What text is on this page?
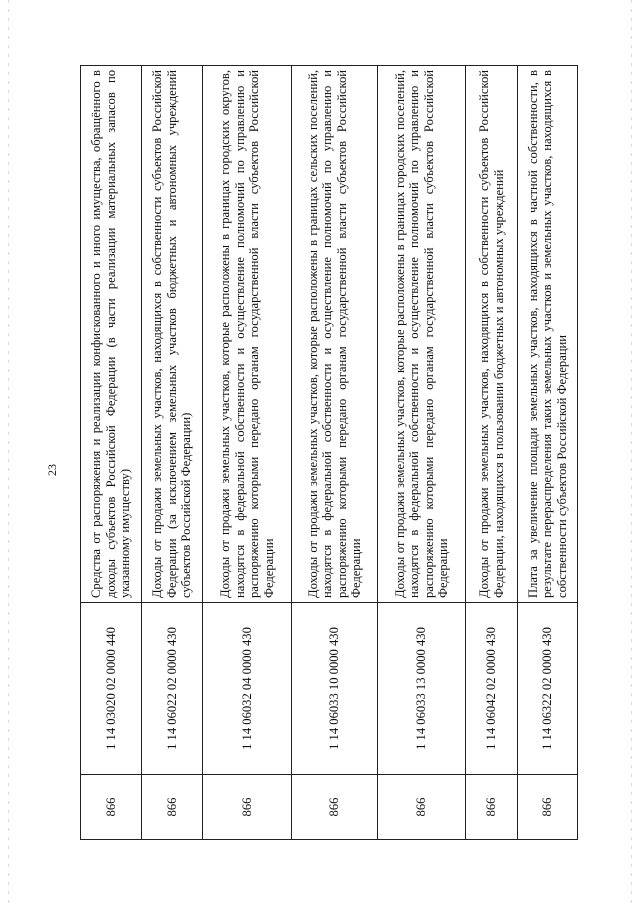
23
866	1 14 03020 02 0000 440	Средства от распоряжения и реализации конфискованного и иного имущества, обращённого в доходы субъектов Российской Федерации (в части реализации материальных запасов по указанному имуществу)

866	1 14 06022 02 0000 430	Доходы от продажи земельных участков, находящихся в собственности субъектов Российской Федерации (за исключением земельных участков бюджетных и автономных учреждений субъектов Российской Федерации)

866	1 14 06032 04 0000 430	Доходы от продажи земельных участков, которые расположены в границах городских округов, находятся в федеральной собственности и осуществление полномочий по управлению и распоряжению которыми передано органам государственной власти субъектов Российской Федерации

866	1 14 06033 10 0000 430	Доходы от продажи земельных участков, которые расположены в границах сельских поселений, находятся в федеральной собственности и осуществление полномочий по управлению и распоряжению которыми передано органам государственной власти субъектов Российской Федерации

866	1 14 06033 13 0000 430	Доходы от продажи земельных участков, которые расположены в границах городских поселений, находятся в федеральной собственности и осуществление полномочий по управлению и распоряжению которыми передано органам государственной власти субъектов Российской Федерации

866	1 14 06042 02 0000 430	Доходы от продажи земельных участков, находящихся в собственности субъектов Российской Федерации, находящихся в пользовании бюджетных и автономных учреждений

866	1 14 06322 02 0000 430	Плата за увеличение площади земельных участков, находящихся в частной собственности, в результате перераспределения таких земельных участков и земельных участков, находящихся в собственности субъектов Российской Федерации
